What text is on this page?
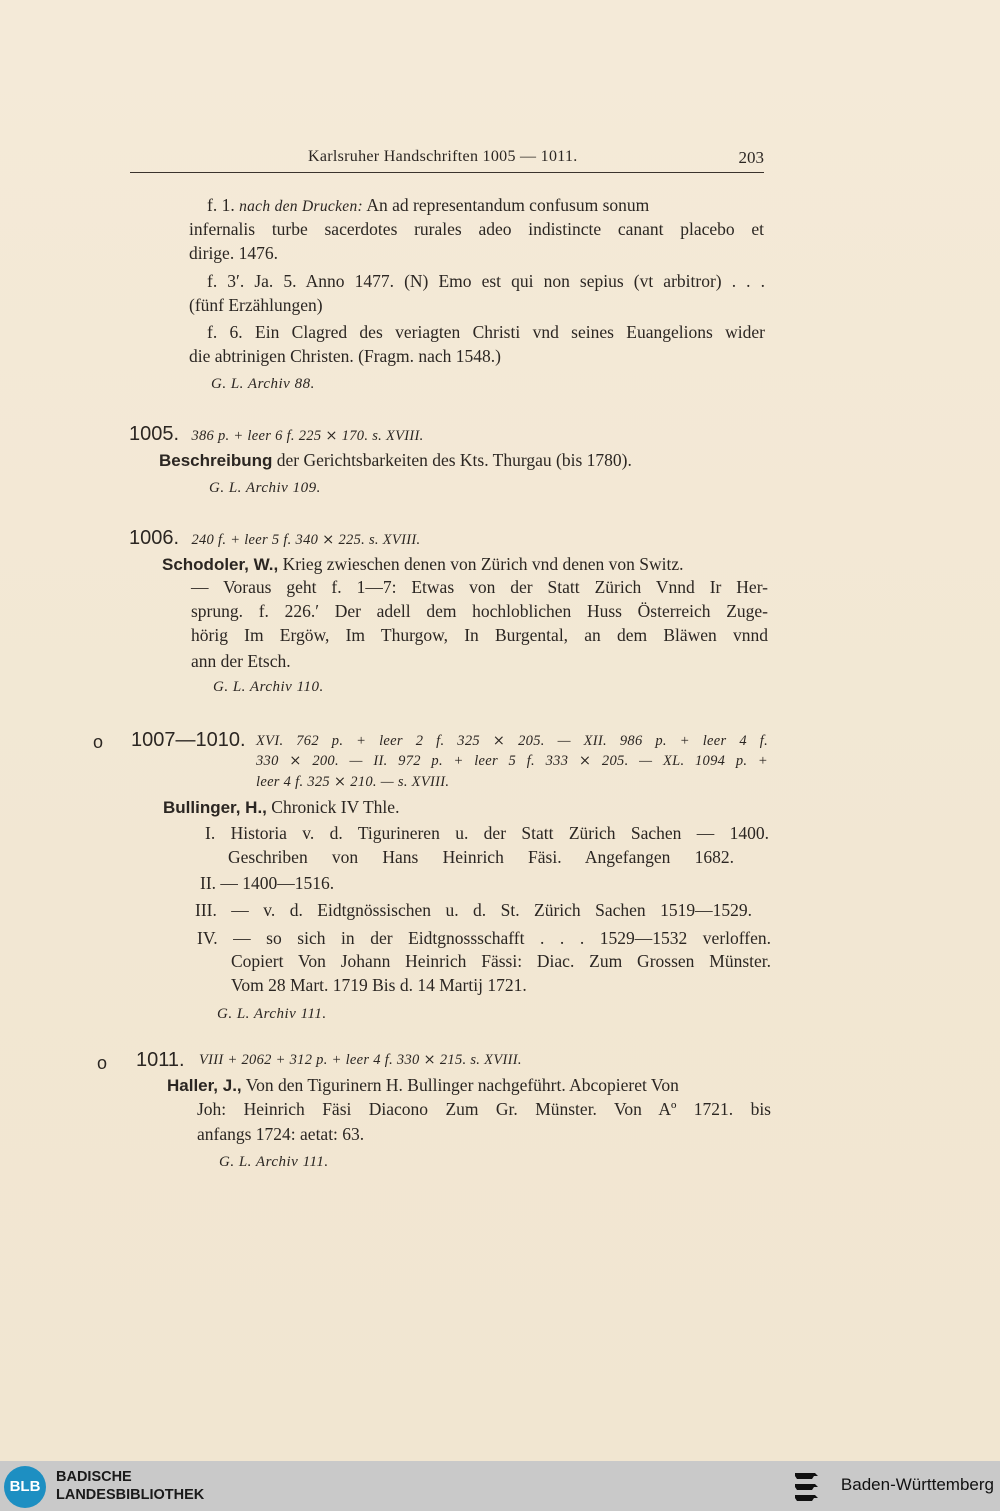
Karlsruher Handschriften 1005 — 1011.	203
f. 1. nach den Drucken: An ad representandum confusum sonum
infernalis turbe sacerdotes rurales adeo indistincte canant placebo et
dirige. 1476.
f. 3′. Ja. 5. Anno 1477. (N) Emo est qui non sepius (vt arbitror) . . .
(fünf Erzählungen)
f. 6. Ein Clagred des veriagten Christi vnd seines Euangelions wider
die abtrinigen Christen. (Fragm. nach 1548.)
G. L. Archiv 88.
1005. 386 p. + leer 6 f. 225 ⨯ 170. s. XVIII.
Beschreibung der Gerichtsbarkeiten des Kts. Thurgau (bis 1780).
G. L. Archiv 109.
1006. 240 f. + leer 5 f. 340 ⨯ 225. s. XVIII.
Schodoler, W., Krieg zwieschen denen von Zürich vnd denen von Switz.
— Voraus geht f. 1—7: Etwas von der Statt Zürich Vnnd Ir Her-
sprung. f. 226.′ Der adell dem hochloblichen Huss Österreich Zuge-
hörig Im Ergöw, Im Thurgow, In Burgental, an dem Bläwen vnnd
ann der Etsch.
G. L. Archiv 110.
o 1007—1010. XVI. 762 p. + leer 2 f. 325 ⨯ 205. — XII. 986 p. + leer 4 f.
330 ⨯ 200. — II. 972 p. + leer 5 f. 333 ⨯ 205. — XL. 1094 p. +
leer 4 f. 325 ⨯ 210. — s. XVIII.
Bullinger, H., Chronick IV Thle.
I. Historia v. d. Tigurineren u. der Statt Zürich Sachen — 1400.
Geschriben von Hans Heinrich Fäsi. Angefangen 1682.
II. — 1400—1516.
III. — v. d. Eidtgnössischen u. d. St. Zürich Sachen 1519—1529.
IV. — so sich in der Eidtgnossschafft . . . 1529—1532 verloffen.
Copiert Von Johann Heinrich Fässi: Diac. Zum Grossen Münster.
Vom 28 Mart. 1719 Bis d. 14 Martij 1721.
G. L. Archiv 111.
o 1011. VIII + 2062 + 312 p. + leer 4 f. 330 ⨯ 215. s. XVIII.
Haller, J., Von den Tigurinern H. Bullinger nachgeführt. Abcopieret Von
Joh: Heinrich Fäsi Diacono Zum Gr. Münster. Von Aº 1721. bis
anfangs 1724: aetat: 63.
G. L. Archiv 111.
BLB
BADISCHE
LANDESBIBLIOTHEK
Baden-Württemberg
